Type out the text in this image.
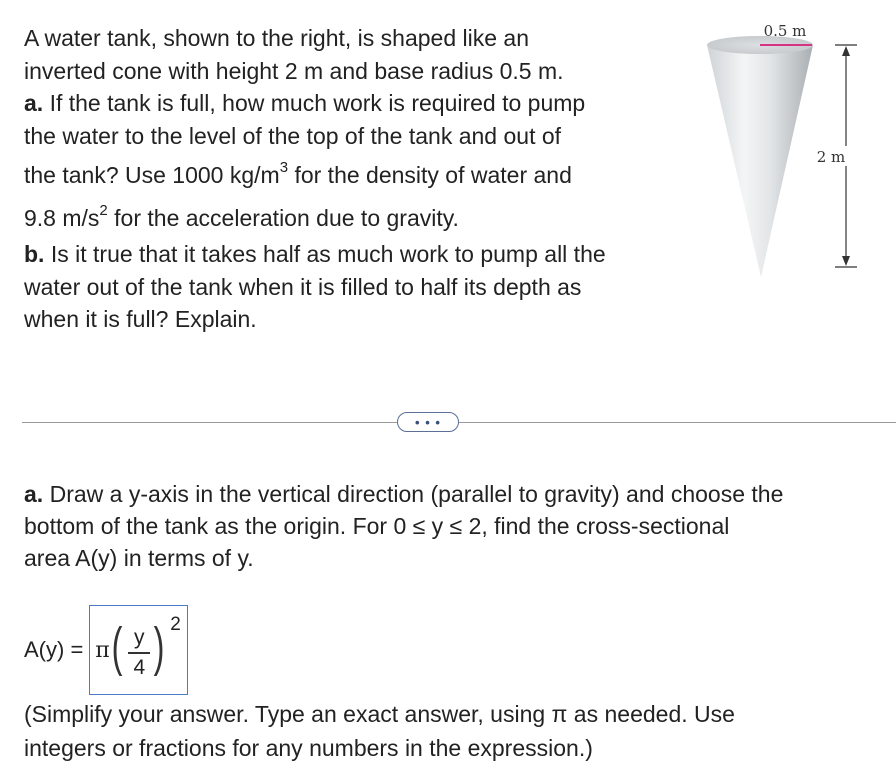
A water tank, shown to the right, is shaped like an
inverted cone with height 2 m and base radius 0.5 m.
a. If the tank is full, how much work is required to pump
the water to the level of the top of the tank and out of
the tank? Use 1000 $kg/m^3$ for the density of water and
9.8 $m/s^2$ for the acceleration due to gravity.
b. Is it true that it takes half as much work to pump all the
water out of the tank when it is filled to half its depth as
when it is full? Explain.
0.5 m
2 m
• • •
a. Draw a y-axis in the vertical direction (parallel to gravity) and choose the
bottom of the tank as the origin. For 0 ≤ y ≤ 2, find the cross-sectional
area A(y) in terms of y.
A(y) = π ( y
4 ) 2
(Simplify your answer. Type an exact answer, using π as needed. Use
integers or fractions for any numbers in the expression.)
